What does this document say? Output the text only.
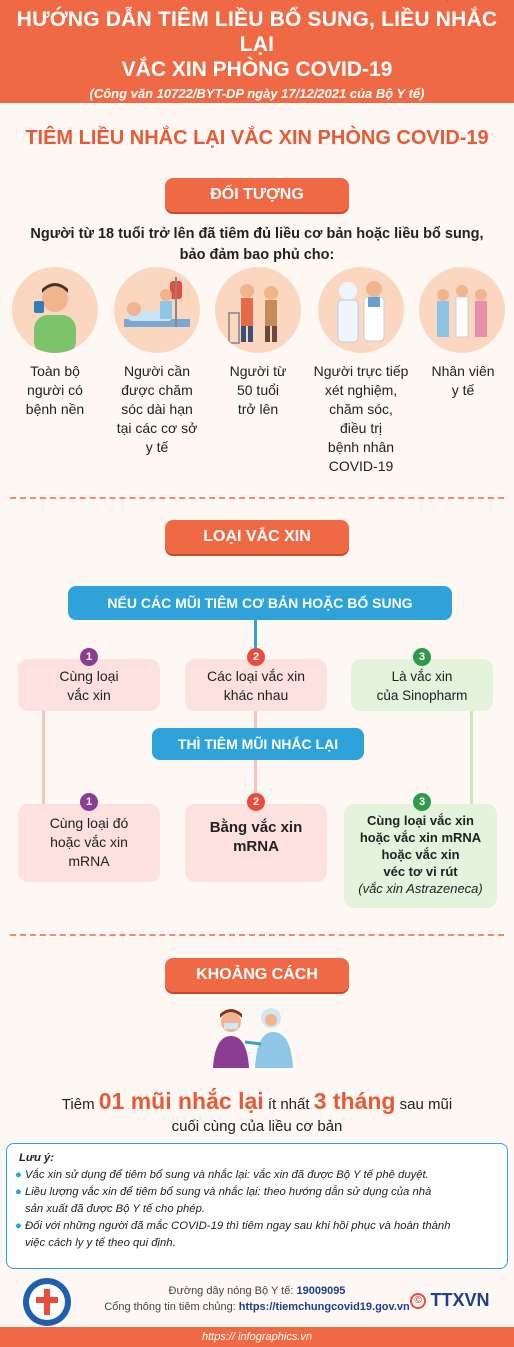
HƯỚNG DẪN TIÊM LIỀU BỔ SUNG, LIỀU NHẮC LẠI
VẮC XIN PHÒNG COVID-19
(Công văn 10722/BYT-DP ngày 17/12/2021 của Bộ Y tế)
TIÊM LIỀU NHẮC LẠI VẮC XIN PHÒNG COVID-19
ĐỐI TƯỢNG
Người từ 18 tuổi trở lên đã tiêm đủ liều cơ bản hoặc liều bổ sung,
bảo đảm bao phủ cho:
Toàn bộ
người có
bệnh nền
Người cần
được chăm
sóc dài hạn
tại các cơ sở
y tế
Người từ
50 tuổi
trở lên
Người trực tiếp
xét nghiệm,
chăm sóc,
điều trị
bệnh nhân
COVID-19
Nhân viên
y tế
LOẠI VẮC XIN
NẾU CÁC MŨI TIÊM CƠ BẢN HOẶC BỔ SUNG
Cùng loại
vắc xin
1
Các loại vắc xin
khác nhau
2
Là vắc xin
của Sinopharm
3
THÌ TIÊM MŨI NHẮC LẠI
Cùng loại đó
hoặc vắc xin
mRNA
1
Bằng vắc xin
mRNA
2
Cùng loại vắc xin
hoặc vắc xin mRNA
hoặc vắc xin
véc tơ vi rút
(vắc xin Astrazeneca)
3
KHOẢNG CÁCH
Tiêm 01 mũi nhắc lại ít nhất 3 tháng sau mũi
cuối cùng của liều cơ bản
Lưu ý:
● Vắc xin sử dụng để tiêm bổ sung và nhắc lại: vắc xin đã được Bộ Y tế phê duyệt.
● Liều lượng vắc xin để tiêm bổ sung và nhắc lại: theo hướng dẫn sử dụng của nhà
sản xuất đã được Bộ Y tế cho phép.
● Đối với những người đã mắc COVID-19 thì tiêm ngay sau khi hồi phục và hoàn thành
việc cách ly y tế theo qui định.
Đường dây nóng Bộ Y tế: 19009095
Cổng thông tin tiêm chủng: https://tiemchungcovid19.gov.vn
© TTXVN
https:// infographics.vn
